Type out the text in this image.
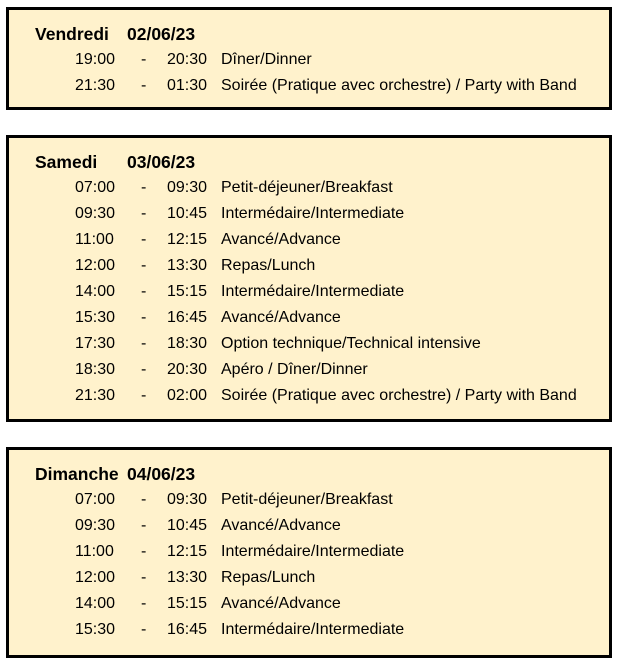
Vendredi 02/06/23
19:00 - 20:30 Dîner/Dinner
21:30 - 01:30 Soirée (Pratique avec orchestre) / Party with Band
Samedi 03/06/23
07:00 - 09:30 Petit-déjeuner/Breakfast
09:30 - 10:45 Intermédaire/Intermediate
11:00 - 12:15 Avancé/Advance
12:00 - 13:30 Repas/Lunch
14:00 - 15:15 Intermédaire/Intermediate
15:30 - 16:45 Avancé/Advance
17:30 - 18:30 Option technique/Technical intensive
18:30 - 20:30 Apéro / Dîner/Dinner
21:30 - 02:00 Soirée (Pratique avec orchestre) / Party with Band
Dimanche 04/06/23
07:00 - 09:30 Petit-déjeuner/Breakfast
09:30 - 10:45 Avancé/Advance
11:00 - 12:15 Intermédaire/Intermediate
12:00 - 13:30 Repas/Lunch
14:00 - 15:15 Avancé/Advance
15:30 - 16:45 Intermédaire/Intermediate
